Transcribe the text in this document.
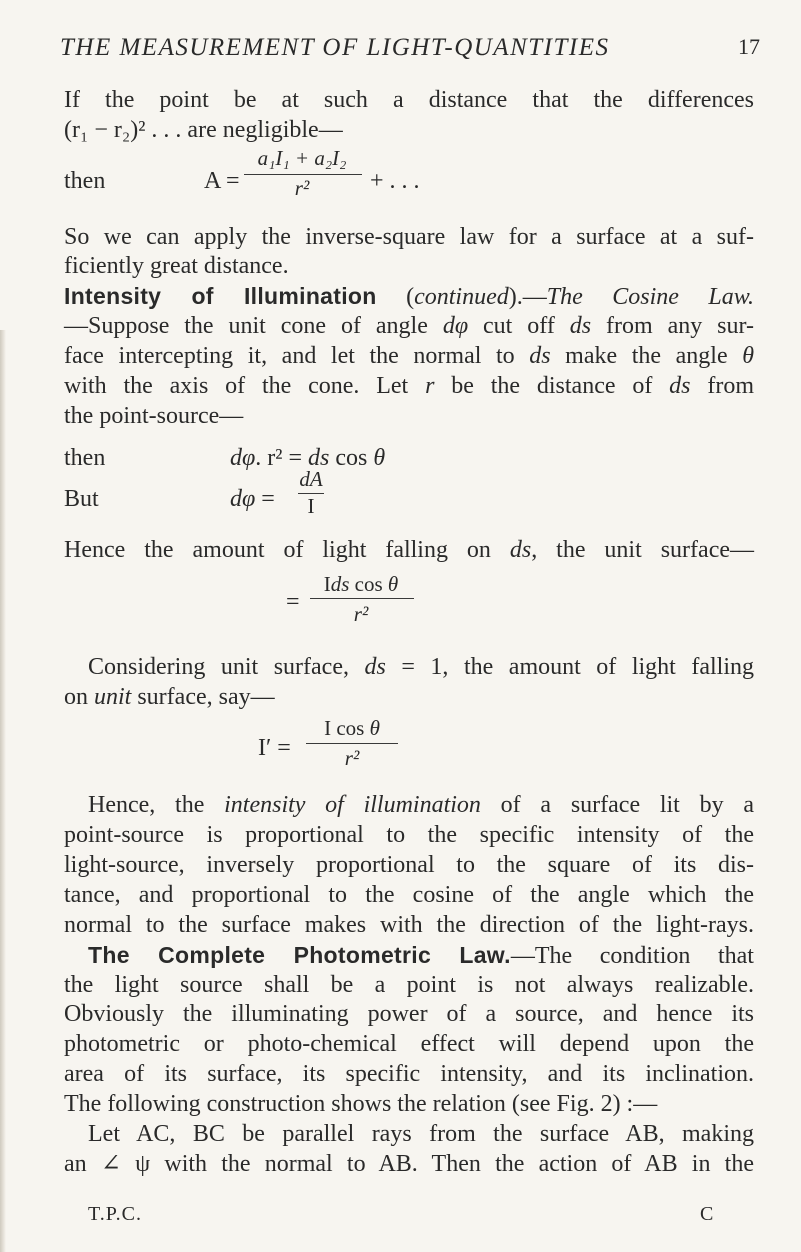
THE MEASUREMENT OF LIGHT-QUANTITIES	17
If the point be at such a distance that the differences
(r₁ − r₂)² . . . are negligible—
then	A =
a₁I₁ + a₂I₂
r²	+ . . .
So we can apply the inverse-square law for a surface at a suf-
ficiently great distance.
Intensity of Illumination (continued).—The Cosine Law.
—Suppose the unit cone of angle dφ cut off ds from any sur-
face intercepting it, and let the normal to ds make the angle θ
with the axis of the cone. Let r be the distance of ds from
the point-source—
then	dφ. r² = ds cos θ
But	dφ =
dA
I
Hence the amount of light falling on ds, the unit surface—
Ids cos θ
=	r²
Considering unit surface, ds = 1, the amount of light falling
on unit surface, say—
I cos θ
I′ =	r²
Hence, the intensity of illumination of a surface lit by a
point-source is proportional to the specific intensity of the
light-source, inversely proportional to the square of its dis-
tance, and proportional to the cosine of the angle which the
normal to the surface makes with the direction of the light-rays.
The Complete Photometric Law.—The condition that
the light source shall be a point is not always realizable.
Obviously the illuminating power of a source, and hence its
photometric or photo-chemical effect will depend upon the
area of its surface, its specific intensity, and its inclination.
The following construction shows the relation (see Fig. 2) :—
Let AC, BC be parallel rays from the surface AB, making
an ∠ ψ with the normal to AB. Then the action of AB in the
T.P.C.	C
